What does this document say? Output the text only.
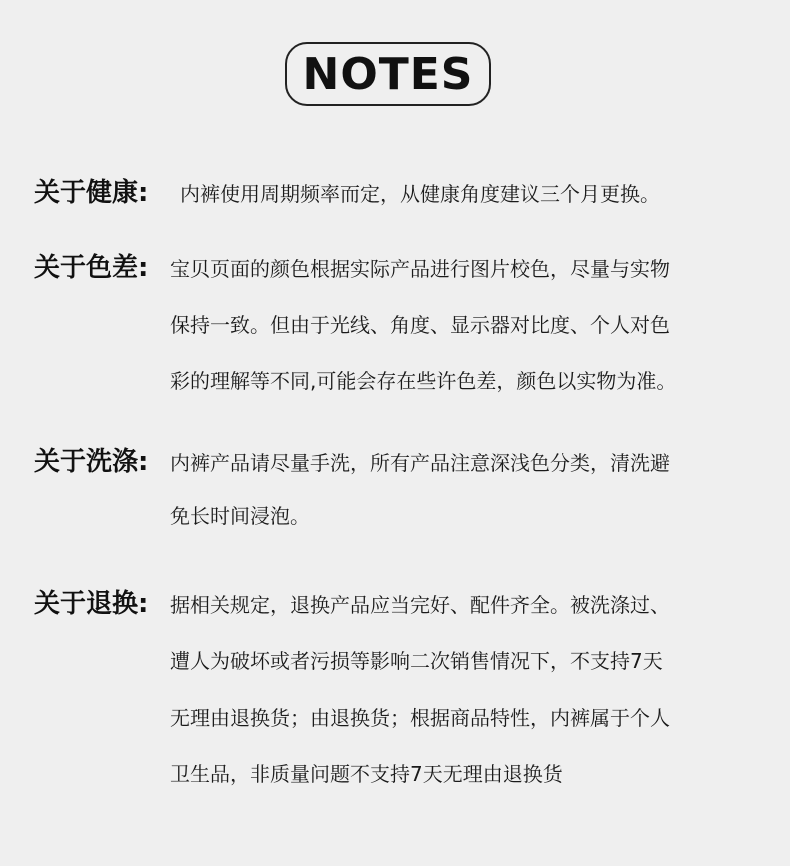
NOTES
关于健康: 内裤使用周期频率而定，从健康角度建议三个月更换。
关于色差: 宝贝页面的颜色根据实际产品进行图片校色，尽量与实物
保持一致。但由于光线、角度、显示器对比度、个人对色
彩的理解等不同,可能会存在些许色差，颜色以实物为准。
关于洗涤: 内裤产品请尽量手洗，所有产品注意深浅色分类，清洗避
免长时间浸泡。
关于退换: 据相关规定，退换产品应当完好、配件齐全。被洗涤过、
遭人为破坏或者污损等影响二次销售情况下，不支持7天
无理由退换货；由退换货；根据商品特性，内裤属于个人
卫生品，非质量问题不支持7天无理由退换货
